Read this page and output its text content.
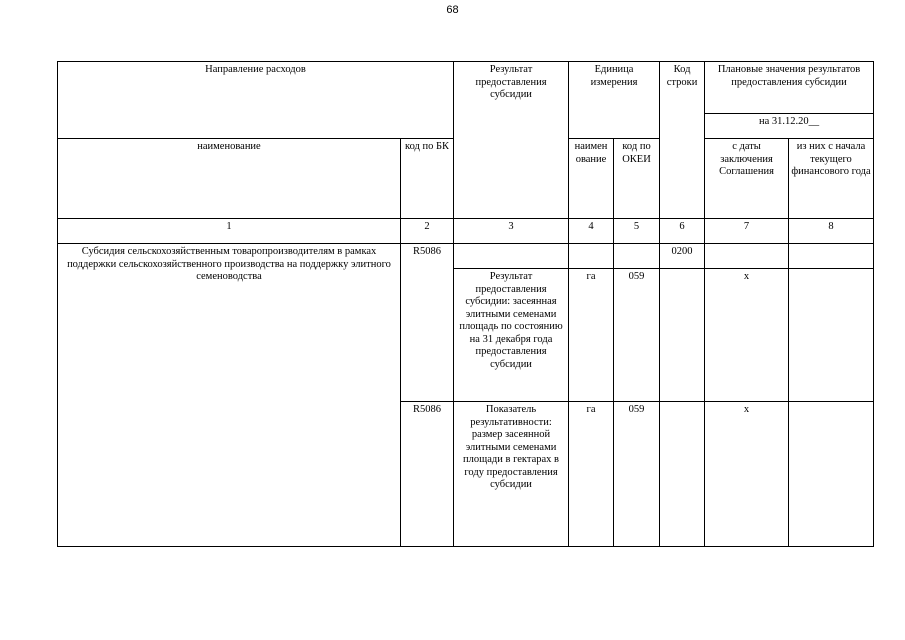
68
Направление расходов		Результат предоставления субсидии	Единица измерения		Код строки	Плановые значения результатов предоставления субсидии	
						на 31.12.20__	
наименование	код по БК		наимен ование	код по ОКЕИ		с даты заключения Соглашения	из них с начала текущего финансового года
1	2	3	4	5	6	7	8
Субсидия сельскохозяйственным товаропроизводителям в рамках поддержки сельскохозяйственного производства на поддержку элитного семеноводства	R5086				0200		
		Результат предоставления субсидии: засеянная элитными семенами площадь по состоянию на 31 декабря года предоставления субсидии	га	059		x	
	R5086	Показатель результативности: размер засеянной элитными семенами площади в гектарах в году предоставления субсидии	га	059		x	
